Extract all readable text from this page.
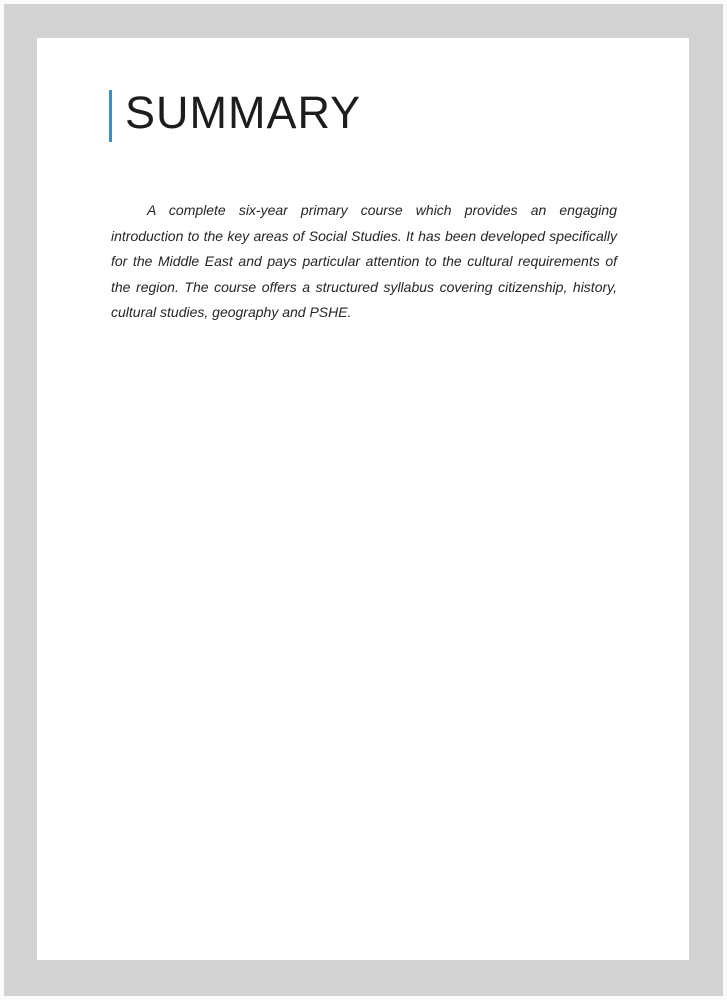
SUMMARY

A complete six-year primary course which provides an engaging introduction to the key areas of Social Studies. It has been developed specifically for the Middle East and pays particular attention to the cultural requirements of the region. The course offers a structured syllabus covering citizenship, history, cultural studies, geography and PSHE.
